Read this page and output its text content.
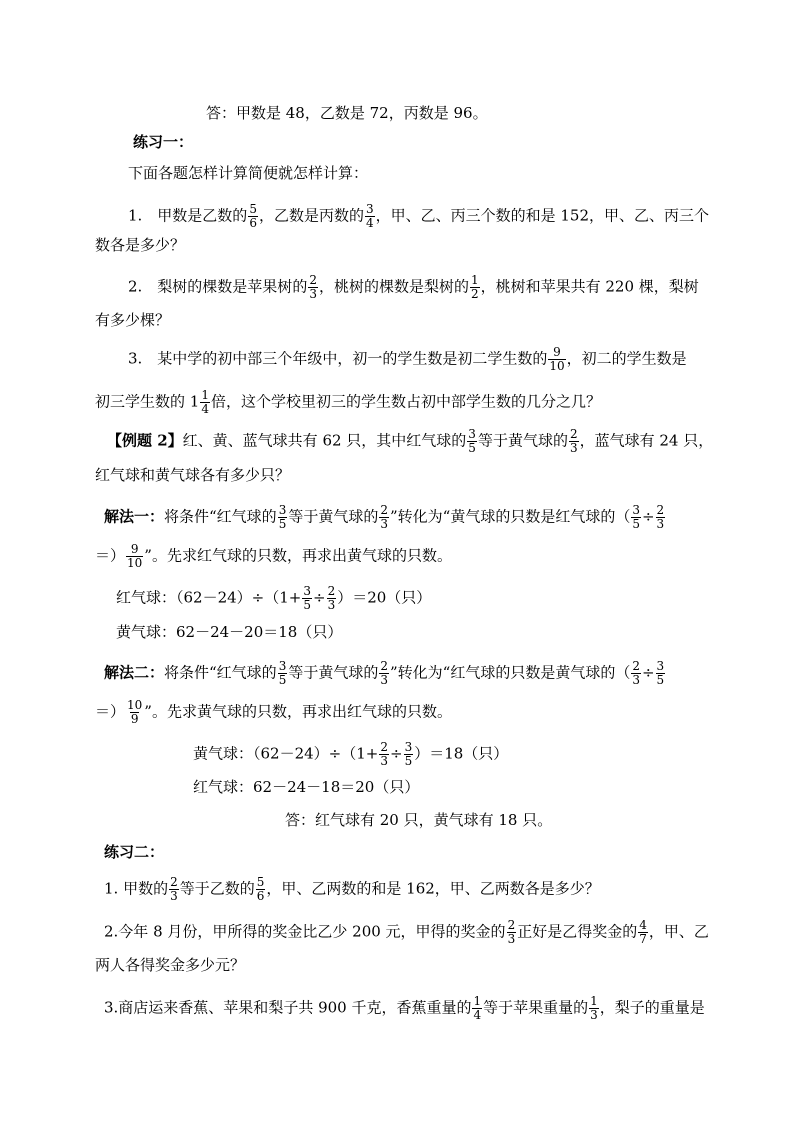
答：甲数是 48，乙数是 72，丙数是 96。
练习一：
下面各题怎样计算简便就怎样计算：
1.　甲数是乙数的 $\frac{5}{6}$ ，乙数是丙数的 $\frac{3}{4}$ ，甲、乙、丙三个数的和是 152，甲、乙、丙三个
数各是多少？
2.　梨树的棵数是苹果树的 $\frac{2}{3}$ ，桃树的棵数是梨树的 $\frac{1}{2}$ ，桃树和苹果共有 220 棵，梨树
有多少棵？
3.　某中学的初中部三个年级中，初一的学生数是初二学生数的 $\frac{9}{10}$ ，初二的学生数是
初三学生数的 $1 \frac{1}{4}$ 倍，这个学校里初三的学生数占初中部学生数的几分之几？
【例题 2】红、黄、蓝气球共有 62 只，其中红气球的 $\frac{3}{5}$ 等于黄气球的 $\frac{2}{3}$ ，蓝气球有 24 只，
红气球和黄气球各有多少只？
解法一：将条件“红气球的 $\frac{3}{5}$ 等于黄气球的 $\frac{2}{3}$ ”转化为“黄气球的只数是红气球的（ $\frac{3}{5} \div \frac{2}{3}$
＝） $\frac{9}{10}$ ”。先求红气球的只数，再求出黄气球的只数。
红气球：$(62-24)\div(1+ \frac{3}{5} \div \frac{2}{3} )=20$（只）
黄气球：62－24－20＝18（只）
解法二：将条件“红气球的 $\frac{3}{5}$ 等于黄气球的 $\frac{2}{3}$ ”转化为“红气球的只数是黄气球的（ $\frac{2}{3} \div \frac{3}{5}$
＝） $\frac{10}{9}$ ”。先求黄气球的只数，再求出红气球的只数。
黄气球：$(62-24)\div(1+ \frac{2}{3} \div \frac{3}{5} )=18$（只）
红气球：62－24－18＝20（只）
答：红气球有 20 只，黄气球有 18 只。
练习二：
1. 甲数的 $\frac{2}{3}$ 等于乙数的 $\frac{5}{6}$ ，甲、乙两数的和是 162，甲、乙两数各是多少？
2.今年 8 月份，甲所得的奖金比乙少 200 元，甲得的奖金的 $\frac{2}{3}$ 正好是乙得奖金的 $\frac{4}{7}$ ，甲、乙
两人各得奖金多少元？
3.商店运来香蕉、苹果和梨子共 900 千克，香蕉重量的 $\frac{1}{4}$ 等于苹果重量的 $\frac{1}{3}$ ，梨子的重量是
